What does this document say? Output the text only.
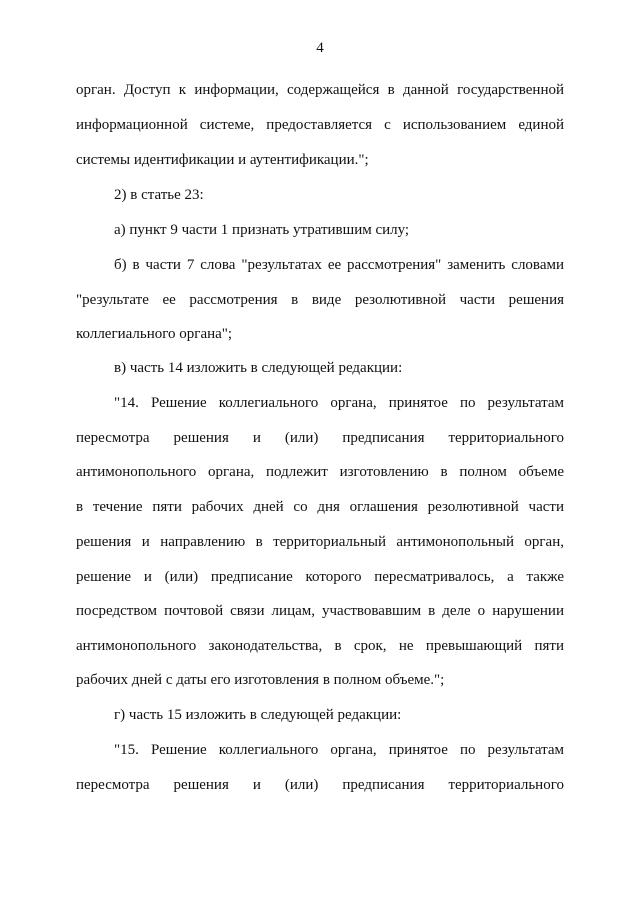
4
орган. Доступ к информации, содержащейся в данной государственной
информационной системе, предоставляется с использованием единой
системы идентификации и аутентификации.";
2) в статье 23:
а) пункт 9 части 1 признать утратившим силу;
б) в части 7 слова "результатах ее рассмотрения" заменить словами
"результате ее рассмотрения в виде резолютивной части решения
коллегиального органа";
в) часть 14 изложить в следующей редакции:
"14. Решение коллегиального органа, принятое по результатам
пересмотра решения и (или) предписания территориального
антимонопольного органа, подлежит изготовлению в полном объеме
в течение пяти рабочих дней со дня оглашения резолютивной части
решения и направлению в территориальный антимонопольный орган,
решение и (или) предписание которого пересматривалось, а также
посредством почтовой связи лицам, участвовавшим в деле о нарушении
антимонопольного законодательства, в срок, не превышающий пяти
рабочих дней с даты его изготовления в полном объеме.";
г) часть 15 изложить в следующей редакции:
"15. Решение коллегиального органа, принятое по результатам
пересмотра решения и (или) предписания территориального
